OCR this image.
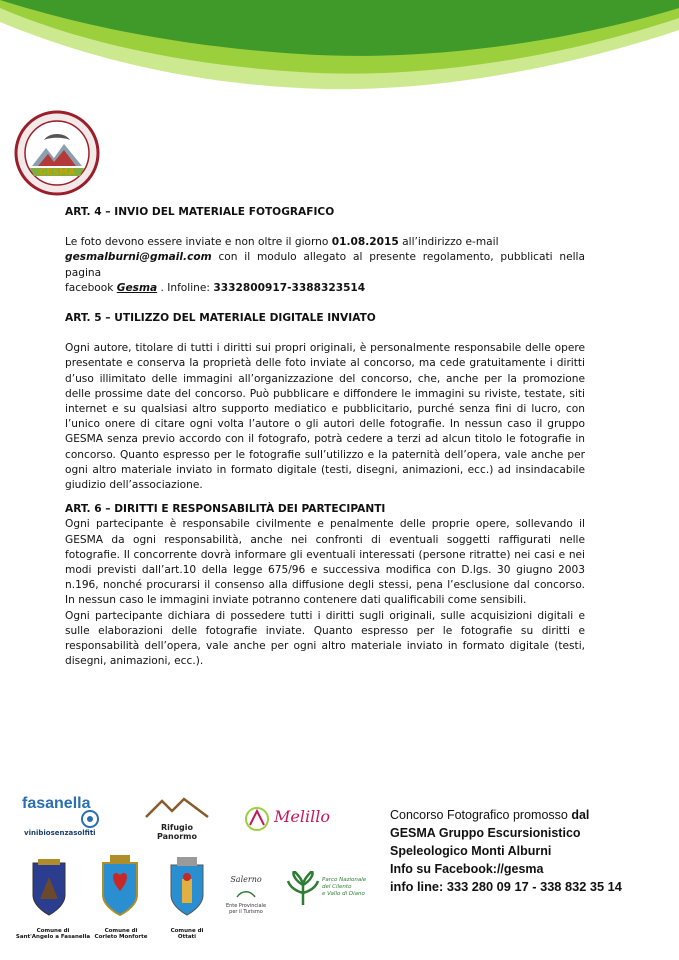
GESMA

ART. 4 – INVIO DEL MATERIALE FOTOGRAFICO

Le foto devono essere inviate e non oltre il giorno 01.08.2015 all’indirizzo e-mail
gesmalburni@gmail.com con il modulo allegato al presente regolamento, pubblicati nella pagina
facebook Gesma . Infoline: 3332800917-3388323514

ART. 5 – UTILIZZO DEL MATERIALE DIGITALE INVIATO

Ogni autore, titolare di tutti i diritti sui propri originali, è personalmente responsabile delle opere presentate e conserva la proprietà delle foto inviate al concorso, ma cede gratuitamente i diritti d’uso illimitato delle immagini all’organizzazione del concorso, che, anche per la promozione delle prossime date del concorso. Può pubblicare e diffondere le immagini su riviste, testate, siti internet e su qualsiasi altro supporto mediatico e pubblicitario, purché senza fini di lucro, con l’unico onere di citare ogni volta l’autore o gli autori delle fotografie. In nessun caso il gruppo GESMA senza previo accordo con il fotografo, potrà cedere a terzi ad alcun titolo le fotografie in concorso. Quanto espresso per le fotografie sull’utilizzo e la paternità dell’opera, vale anche per ogni altro materiale inviato in formato digitale (testi, disegni, animazioni, ecc.) ad insindacabile giudizio dell’associazione.

ART. 6 – DIRITTI E RESPONSABILITÀ DEI PARTECIPANTI

Ogni partecipante è responsabile civilmente e penalmente delle proprie opere, sollevando il GESMA da ogni responsabilità, anche nei confronti di eventuali soggetti raffigurati nelle fotografie. Il concorrente dovrà informare gli eventuali interessati (persone ritratte) nei casi e nei modi previsti dall’art.10 della legge 675/96 e successiva modifica con D.lgs. 30 giugno 2003 n.196, nonché procurarsi il consenso alla diffusione degli stessi, pena l’esclusione dal concorso. In nessun caso le immagini inviate potranno contenere dati qualificabili come sensibili.

Ogni partecipante dichiara di possedere tutti i diritti sugli originali, sulle acquisizioni digitali e sulle elaborazioni delle fotografie inviate. Quanto espresso per le fotografie su diritti e responsabilità dell’opera, vale anche per ogni altro materiale inviato in formato digitale (testi, disegni, animazioni, ecc.).

fasanella
vinibiosenzasolfiti
Rifugio
Panormo
Melillo
Comune di
Sant'Angelo a Fasanella
Comune di
Corleto Monforte
Comune di
Ottati
Salerno
Ente Provinciale
per il Turismo
Parco Nazionale
del Cilento
e Vallo di Diano
Concorso Fotografico promosso dal
GESMA Gruppo Escursionistico
Speleologico Monti Alburni
Info su Facebook://gesma
info line: 333 280 09 17 - 338 832 35 14
